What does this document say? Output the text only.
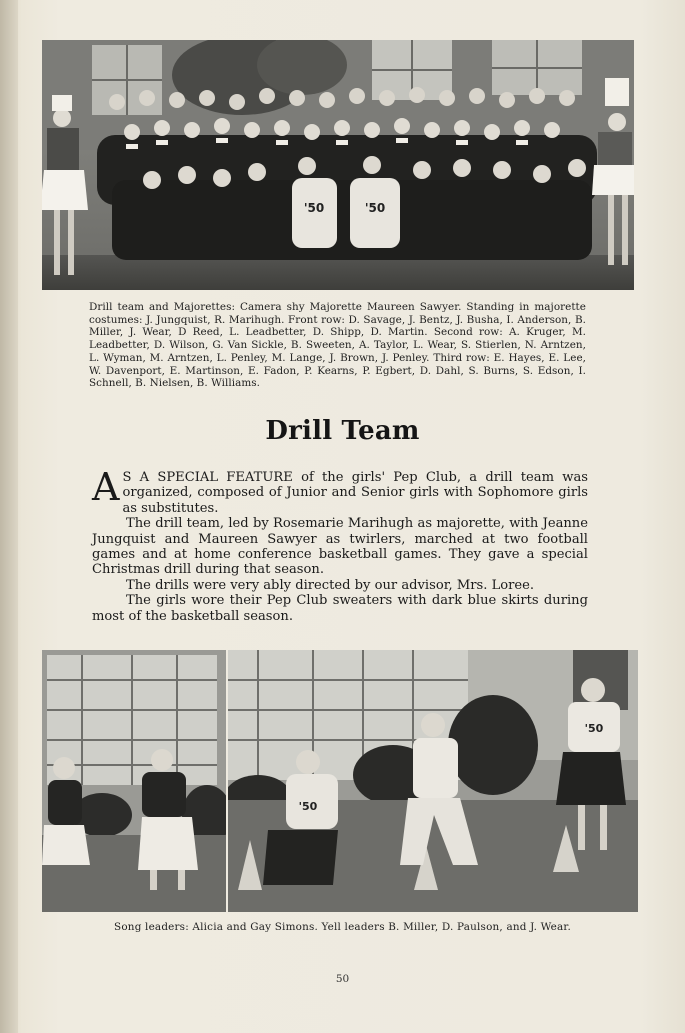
'50	'50
Drill team and Majorettes: Camera shy Majorette Maureen Sawyer. Standing in majorette costumes: J. Jungquist, R. Marihugh. Front row: D. Savage, J. Bentz, J. Busha, I. Anderson, B. Miller, J. Wear, D Reed, L. Leadbetter, D. Shipp, D. Martin. Second row: A. Kruger, M. Leadbetter, D. Wilson, G. Van Sickle, B. Sweeten, A. Taylor, L. Wear, S. Stierlen, N. Arntzen, L. Wyman, M. Arntzen, L. Penley, M. Lange, J. Brown, J. Penley. Third row: E. Hayes, E. Lee, W. Davenport, E. Martinson, E. Fadon, P. Kearns, P. Egbert, D. Dahl, S. Burns, S. Edson, I. Schnell, B. Nielsen, B. Williams.
Drill Team

A S A SPECIAL FEATURE of the girls' Pep Club, a drill team was organized, composed of Junior and Senior girls with Sophomore girls as substitutes.

The drill team, led by Rosemarie Marihugh as majorette, with Jeanne Jungquist and Maureen Sawyer as twirlers, marched at two football games and at home conference basketball games. They gave a special Christmas drill during that season.

The drills were very ably directed by our advisor, Mrs. Loree.

The girls wore their Pep Club sweaters with dark blue skirts during most of the basketball season.

'50
'50
Song leaders: Alicia and Gay Simons. Yell leaders B. Miller, D. Paulson, and J. Wear.
50
